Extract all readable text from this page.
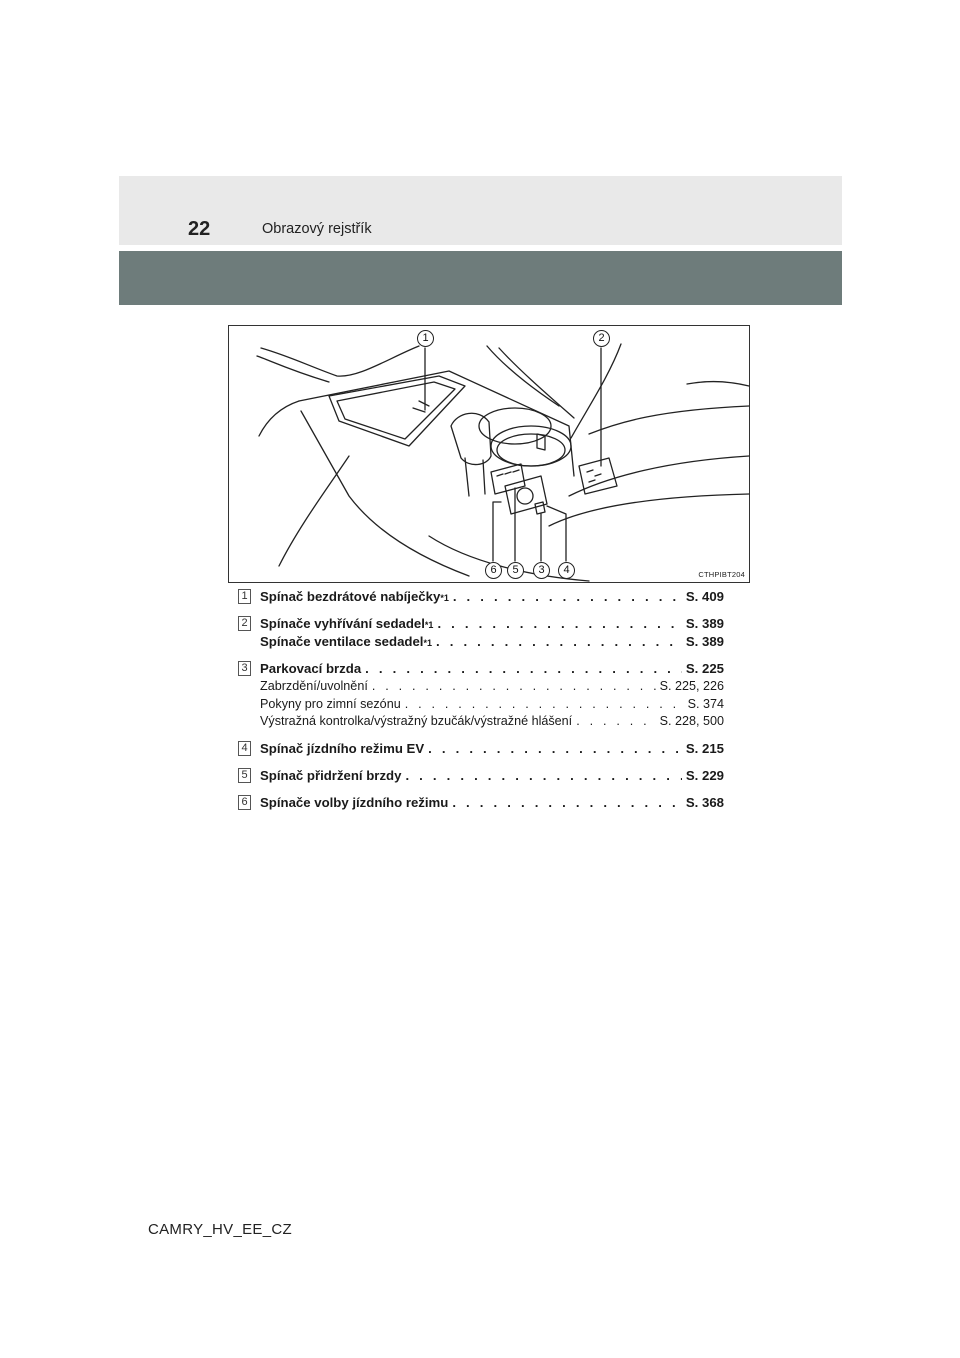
22	Obrazový rejstřík
1	2
6	5	3	4	CTHPIBT204
1 Spínač bezdrátové nabíječky *1 . . .	S. 409
2 Spínače vyhřívání sedadel *1 . . .	S. 389
Spínače ventilace sedadel *1 . . .	S. 389
3 Parkovací brzda . . .	S. 225
Zabrzdění/uvolnění . . .	S. 225, 226
Pokyny pro zimní sezónu . . .	S. 374
Výstražná kontrolka/výstražný bzučák/výstražné hlášení . . .	S. 228, 500
4 Spínač jízdního režimu EV . . .	S. 215
5 Spínač přidržení brzdy . . .	S. 229
6 Spínače volby jízdního režimu . . .	S. 368
CAMRY_HV_EE_CZ
